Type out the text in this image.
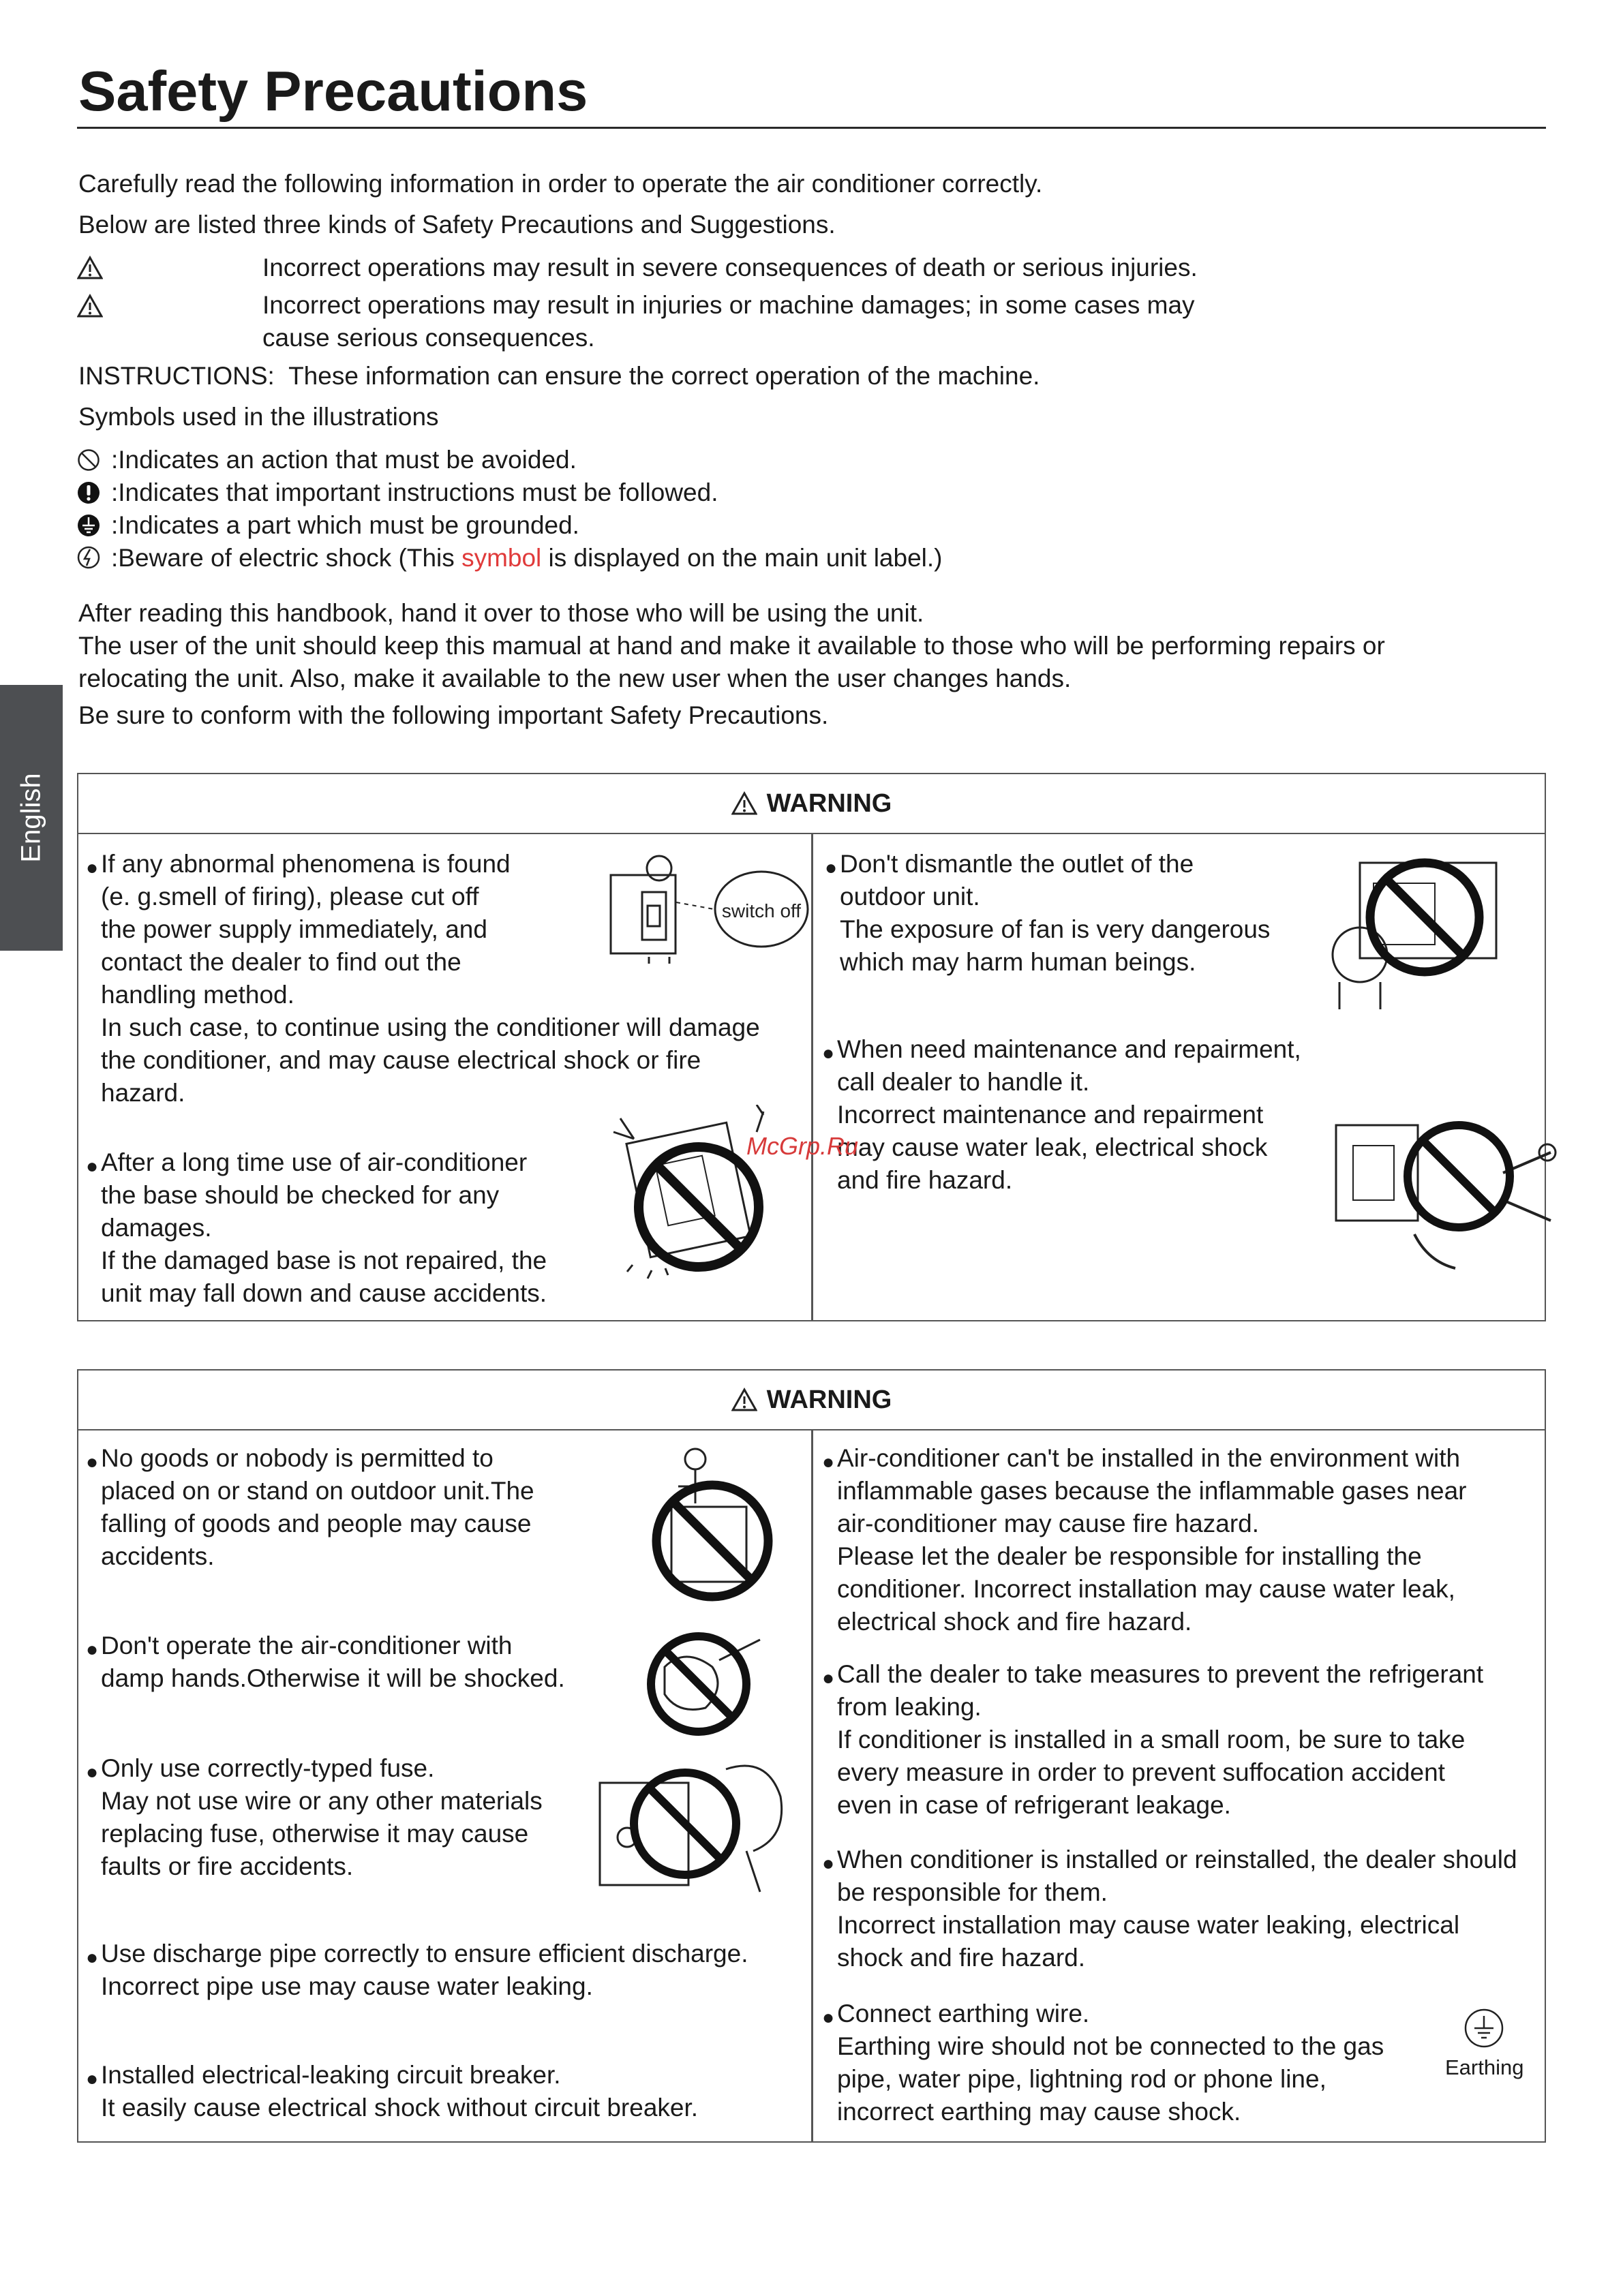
Safety Precautions
English
Carefully read the following information in order to operate the air conditioner correctly.
Below are listed three kinds of Safety Precautions and Suggestions.
Incorrect operations may result in severe consequences of death or serious injuries.
Incorrect operations may result in injuries or machine damages; in some cases may
cause serious consequences.
INSTRUCTIONS: These information can ensure the correct operation of the machine.
Symbols used in the illustrations
:Indicates an action that must be avoided.
:Indicates that important instructions must be followed.
:Indicates a part which must be grounded.
:Beware of electric shock (This symbol is displayed on the main unit label.)
After reading this handbook, hand it over to those who will be using the unit.
The user of the unit should keep this mamual at hand and make it available to those who will be performing repairs or
relocating the unit. Also, make it available to the new user when the user changes hands.
Be sure to conform with the following important Safety Precautions.
WARNING
● If any abnormal phenomena is found
(e. g.smell of firing), please cut off
the power supply immediately, and
contact the dealer to find out the
handling method.
In such case, to continue using the conditioner will damage
the conditioner, and may cause electrical shock or fire
hazard.
● After a long time use of air-conditioner
the base should be checked for any
damages.
If the damaged base is not repaired, the
unit may fall down and cause accidents.
● Don't dismantle the outlet of the
outdoor unit.
The exposure of fan is very dangerous
which may harm human beings.
● When need maintenance and repairment,
call dealer to handle it.
Incorrect maintenance and repairment
may cause water leak, electrical shock
and fire hazard.
switch off
McGrp.Ru
WARNING
● No goods or nobody is permitted to
placed on or stand on outdoor unit.The
falling of goods and people may cause
accidents.
● Don't operate the air-conditioner with
damp hands.Otherwise it will be shocked.
● Only use correctly-typed fuse.
May not use wire or any other materials
replacing fuse, otherwise it may cause
faults or fire accidents.
● Use discharge pipe correctly to ensure efficient discharge.
Incorrect pipe use may cause water leaking.
● Installed electrical-leaking circuit breaker.
It easily cause electrical shock without circuit breaker.
● Air-conditioner can't be installed in the environment with
inflammable gases because the inflammable gases near
air-conditioner may cause fire hazard.
Please let the dealer be responsible for installing the
conditioner. Incorrect installation may cause water leak,
electrical shock and fire hazard.
● Call the dealer to take measures to prevent the refrigerant
from leaking.
If conditioner is installed in a small room, be sure to take
every measure in order to prevent suffocation accident
even in case of refrigerant leakage.
● When conditioner is installed or reinstalled, the dealer should
be responsible for them.
Incorrect installation may cause water leaking, electrical
shock and fire hazard.
● Connect earthing wire.
Earthing wire should not be connected to the gas
pipe, water pipe, lightning rod or phone line,
incorrect earthing may cause shock.
Earthing
